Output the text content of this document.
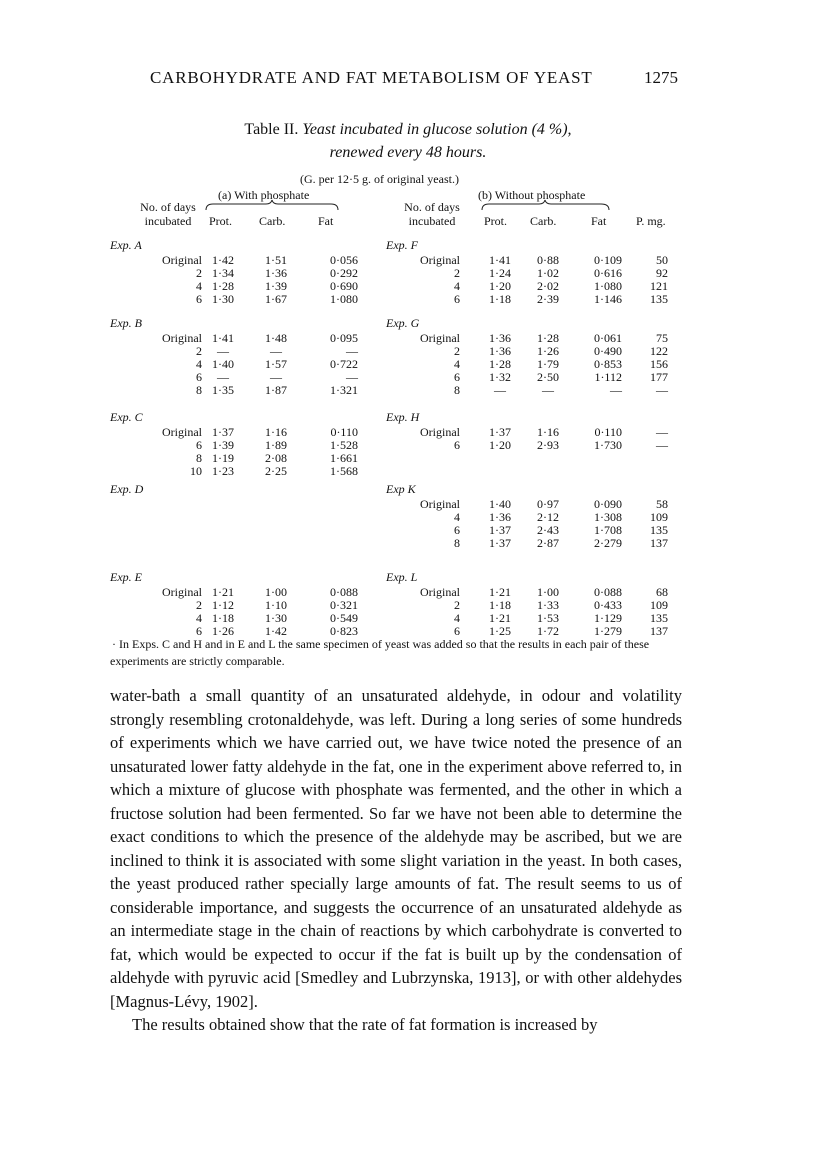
CARBOHYDRATE AND FAT METABOLISM OF YEAST	1275
Table II. Yeast incubated in glucose solution (4 %),
renewed every 48 hours.
(G. per 12·5 g. of original yeast.)
(a) With phosphate	(b) Without phosphate
No. of days
incubated	Prot. Carb.	Fat
No. of days
incubated	Prot. Carb.	Fat P. mg.
Exp. A
Original 1·42	1·51	0·056
2 1·34	1·36	0·292
4 1·28	1·39	0·690
6 1·30	1·67	1·080
Exp. B
Original 1·41	1·48	0·095
2	—	—	—
4 1·40	1·57	0·722
6	—	—	—
8 1·35	1·87	1·321
Exp. C
Original 1·37	1·16	0·110
6 1·39	1·89	1·528
8 1·19	2·08	1·661
10 1·23	2·25	1·568
Exp. D
Exp. E
Original 1·21	1·00	0·088
2 1·12	1·10	0·321
4 1·18	1·30	0·549
6 1·26	1·42	0·823
Exp. F
Original	1·41	0·88	0·109	50
2	1·24	1·02	0·616	92
4	1·20	2·02	1·080	121
6	1·18	2·39	1·146	135
Exp. G
Original	1·36	1·28	0·061	75
2	1·36	1·26	0·490	122
4	1·28	1·79	0·853	156
6	1·32	2·50	1·112	177
8	—	—	—	—
Exp. H
Original	1·37	1·16	0·110	—
6	1·20	2·93	1·730	—
Exp K
Original	1·40	0·97	0·090	58
4	1·36	2·12	1·308	109
6	1·37	2·43	1·708	135
8	1·37	2·87	2·279	137
Exp. L
Original	1·21	1·00	0·088	68
2	1·18	1·33	0·433	109
4	1·21	1·53	1·129	135
6	1·25	1·72	1·279	137
· In Exps. C and H and in E and L the same specimen of yeast was added so that the results in each pair of these experiments are strictly comparable.

water-bath a small quantity of an unsaturated aldehyde, in odour and volatility strongly resembling crotonaldehyde, was left. During a long series of some hundreds of experiments which we have carried out, we have twice noted the presence of an unsaturated lower fatty aldehyde in the fat, one in the experiment above referred to, in which a mixture of glucose with phosphate was fermented, and the other in which a fructose solution had been fermented. So far we have not been able to determine the exact conditions to which the presence of the aldehyde may be ascribed, but we are inclined to think it is associated with some slight variation in the yeast. In both cases, the yeast produced rather specially large amounts of fat. The result seems to us of considerable importance, and suggests the occurrence of an unsaturated aldehyde as an intermediate stage in the chain of reactions by which carbohydrate is converted to fat, which would be expected to occur if the fat is built up by the condensation of aldehyde with pyruvic acid [Smedley and Lubrzynska, 1913], or with other aldehydes [Magnus-Lévy, 1902].

The results obtained show that the rate of fat formation is increased by
